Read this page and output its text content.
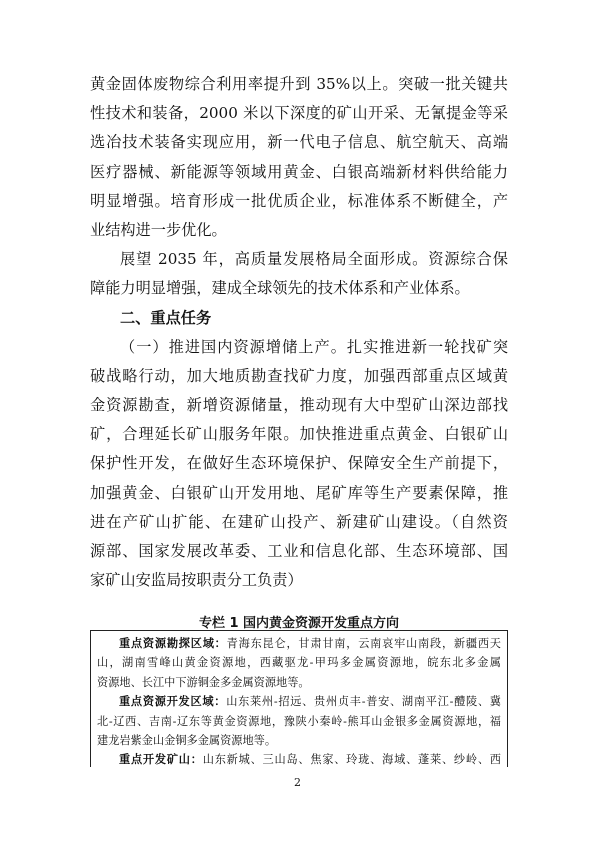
黄金固体废物综合利用率提升到 35%以上。突破一批关键共
性技术和装备，2000 米以下深度的矿山开采、无氰提金等采
选冶技术装备实现应用，新一代电子信息、航空航天、高端
医疗器械、新能源等领域用黄金、白银高端新材料供给能力
明显增强。培育形成一批优质企业，标准体系不断健全，产
业结构进一步优化。
展望 2035 年，高质量发展格局全面形成。资源综合保
障能力明显增强，建成全球领先的技术体系和产业体系。
二、重点任务
（一）推进国内资源增储上产。扎实推进新一轮找矿突
破战略行动，加大地质勘查找矿力度，加强西部重点区域黄
金资源勘查，新增资源储量，推动现有大中型矿山深边部找
矿，合理延长矿山服务年限。加快推进重点黄金、白银矿山
保护性开发，在做好生态环境保护、保障安全生产前提下，
加强黄金、白银矿山开发用地、尾矿库等生产要素保障，推
进在产矿山扩能、在建矿山投产、新建矿山建设。（自然资
源部、国家发展改革委、工业和信息化部、生态环境部、国
家矿山安监局按职责分工负责）
专栏 1 国内黄金资源开发重点方向
重点资源勘探区域：青海东昆仑，甘肃甘南，云南哀牢山南段，新疆西天
山，湖南雪峰山黄金资源地，西藏驱龙-甲玛多金属资源地，皖东北多金属
资源地、长江中下游铜金多金属资源地等。
重点资源开发区域：山东莱州-招远、贵州贞丰-普安、湖南平江-醴陵、冀
北-辽西、吉南-辽东等黄金资源地，豫陕小秦岭-熊耳山金银多金属资源地，福
建龙岩紫金山金铜多金属资源地等。
重点开发矿山：山东新城、三山岛、焦家、玲珑、海域、蓬莱、纱岭、西
2
